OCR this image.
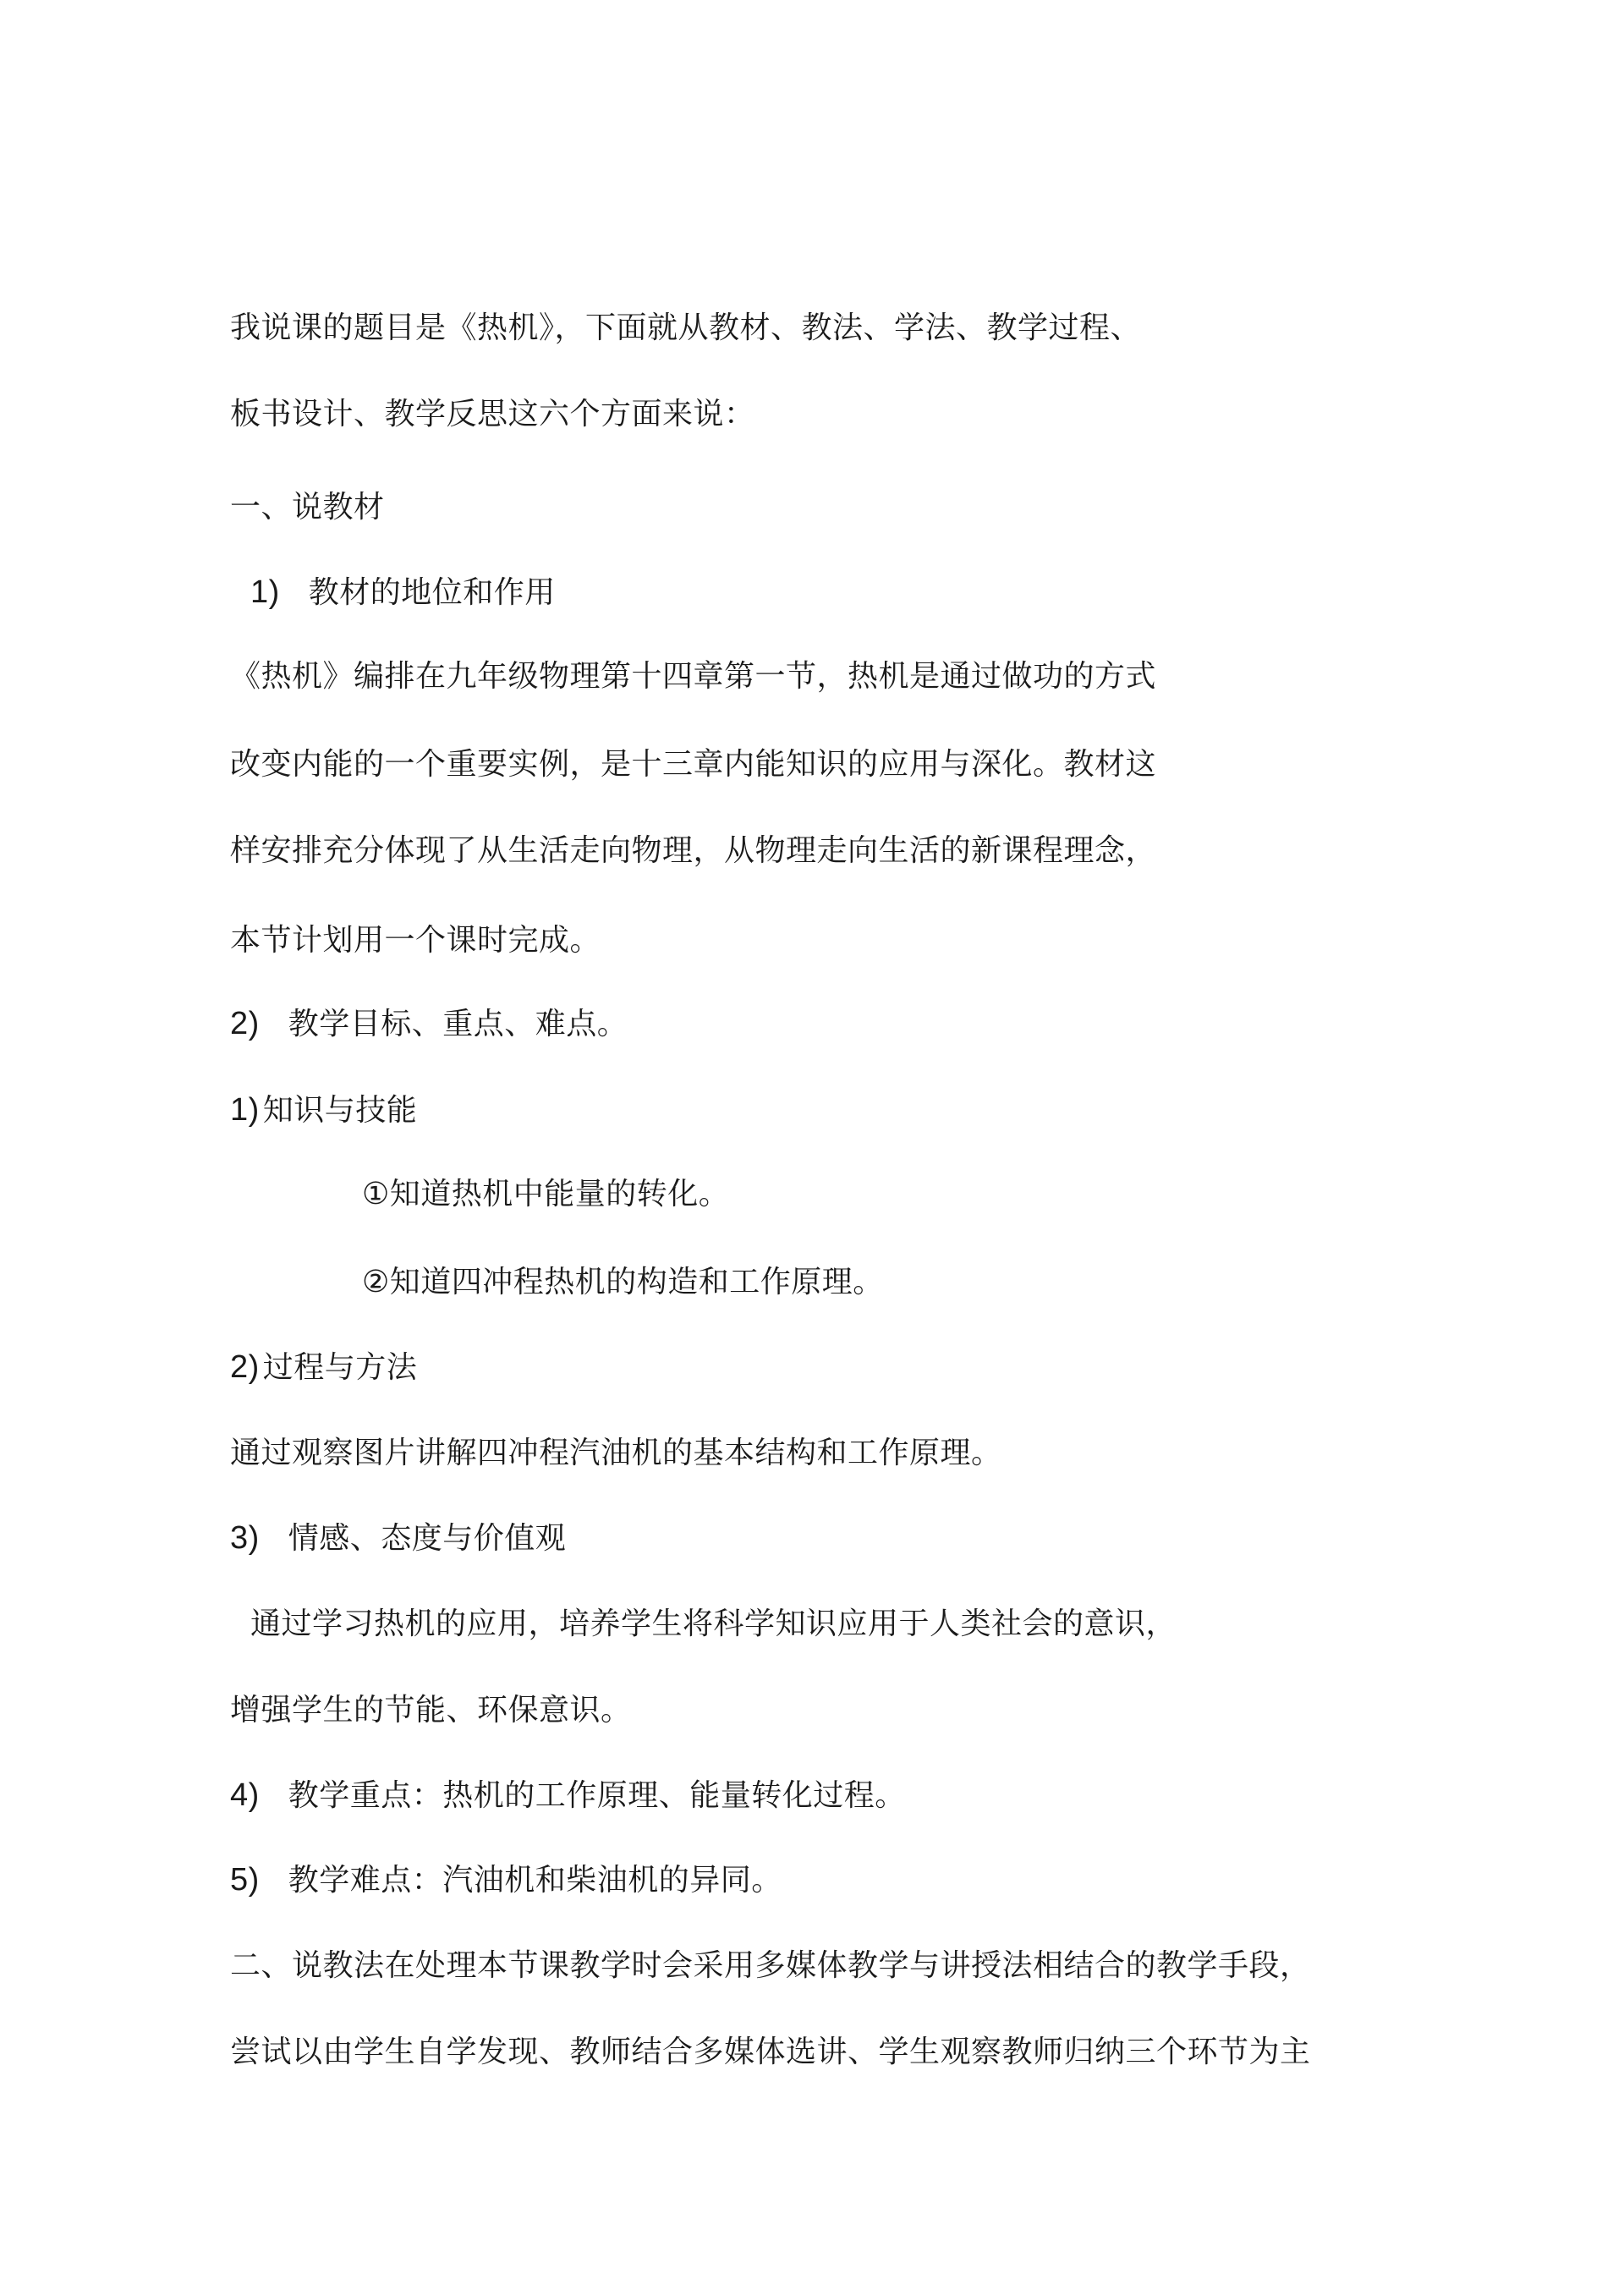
我说课的题目是《热机》，下面就从教材、教法、学法、教学过程、
板书设计、教学反思这六个方面来说：
一、说教材
1) 教材的地位和作用
《热机》编排在九年级物理第十四章第一节，热机是通过做功的方式
改变内能的一个重要实例，是十三章内能知识的应用与深化。教材这
样安排充分体现了从生活走向物理，从物理走向生活的新课程理念，
本节计划用一个课时完成。
2) 教学目标、重点、难点。
1) 知识与技能
①知道热机中能量的转化。
②知道四冲程热机的构造和工作原理。
2) 过程与方法
通过观察图片讲解四冲程汽油机的基本结构和工作原理。
3) 情感、态度与价值观
通过学习热机的应用，培养学生将科学知识应用于人类社会的意识，
增强学生的节能、环保意识。
4) 教学重点：热机的工作原理、能量转化过程。
5) 教学难点：汽油机和柴油机的异同。
二、说教法在处理本节课教学时会采用多媒体教学与讲授法相结合的教学手段，
尝试以由学生自学发现、教师结合多媒体选讲、学生观察教师归纳三个环节为主
